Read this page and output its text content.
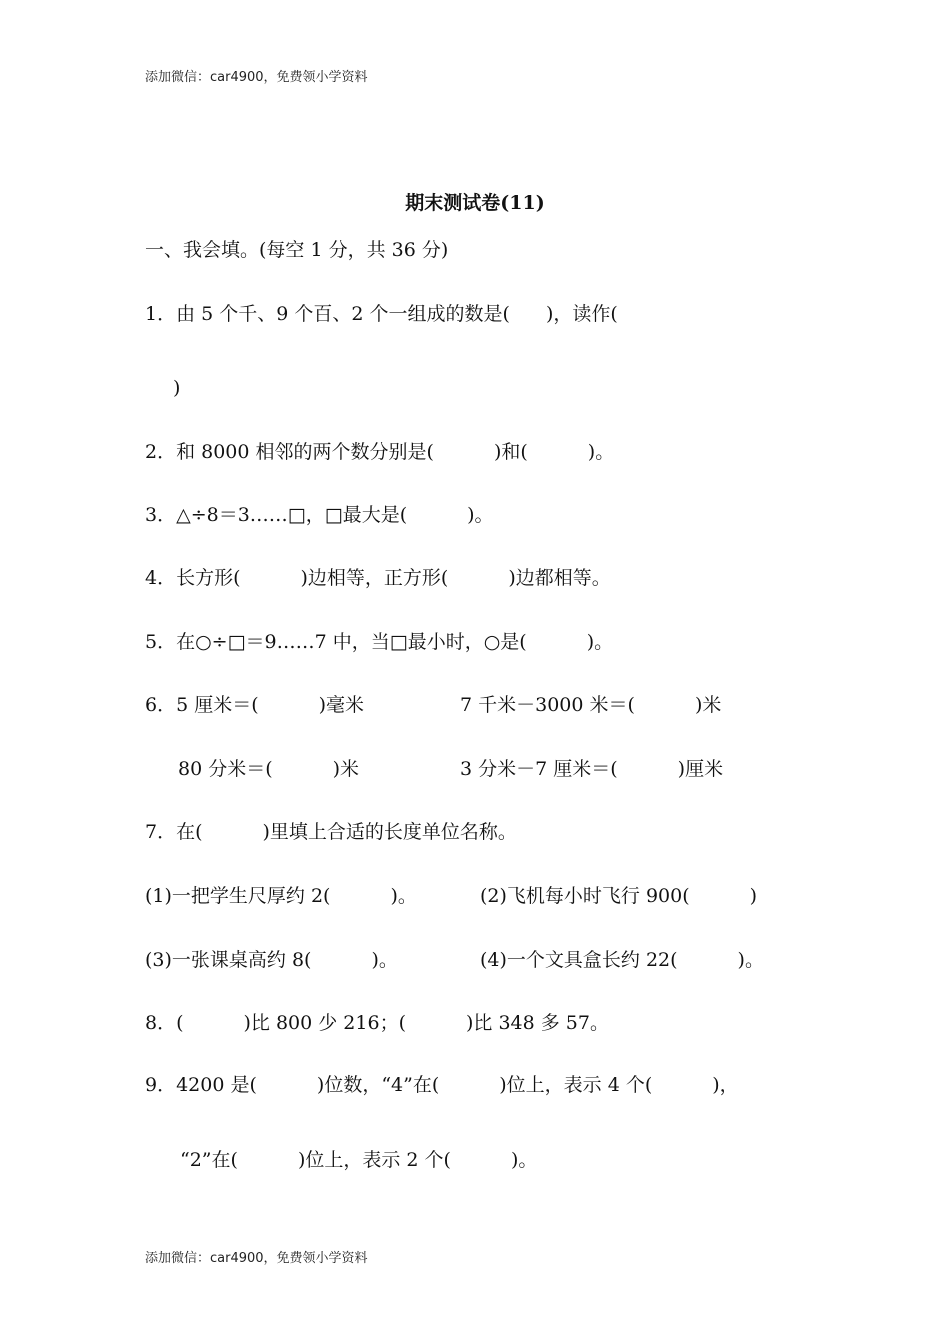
添加微信：car4900，免费领小学资料
期末测试卷(11)
一、我会填。(每空 1 分，共 36 分)
1．由 5 个千、9 个百、2 个一组成的数是( )，读作(
)
2．和 8000 相邻的两个数分别是(	)和(	)。
3．△÷8＝3……□，□最大是(	)。
4．长方形(	)边相等，正方形(	)边都相等。
5．在○÷□＝9……7 中，当□最小时，○是(	)。
6．5 厘米＝(	)毫米	7 千米－3000 米＝(	)米
80 分米＝(	)米	3 分米－7 厘米＝(	)厘米
7．在(	)里填上合适的长度单位名称。
(1)一把学生尺厚约 2(	)。	(2)飞机每小时飞行 900(	)
(3)一张课桌高约 8(	)。	(4)一个文具盒长约 22(	)。
8．(	)比 800 少 216；(	)比 348 多 57。
9．4200 是(	)位数，“4”在(	)位上，表示 4 个(	)，
“2”在(	)位上，表示 2 个(	)。
添加微信：car4900，免费领小学资料
